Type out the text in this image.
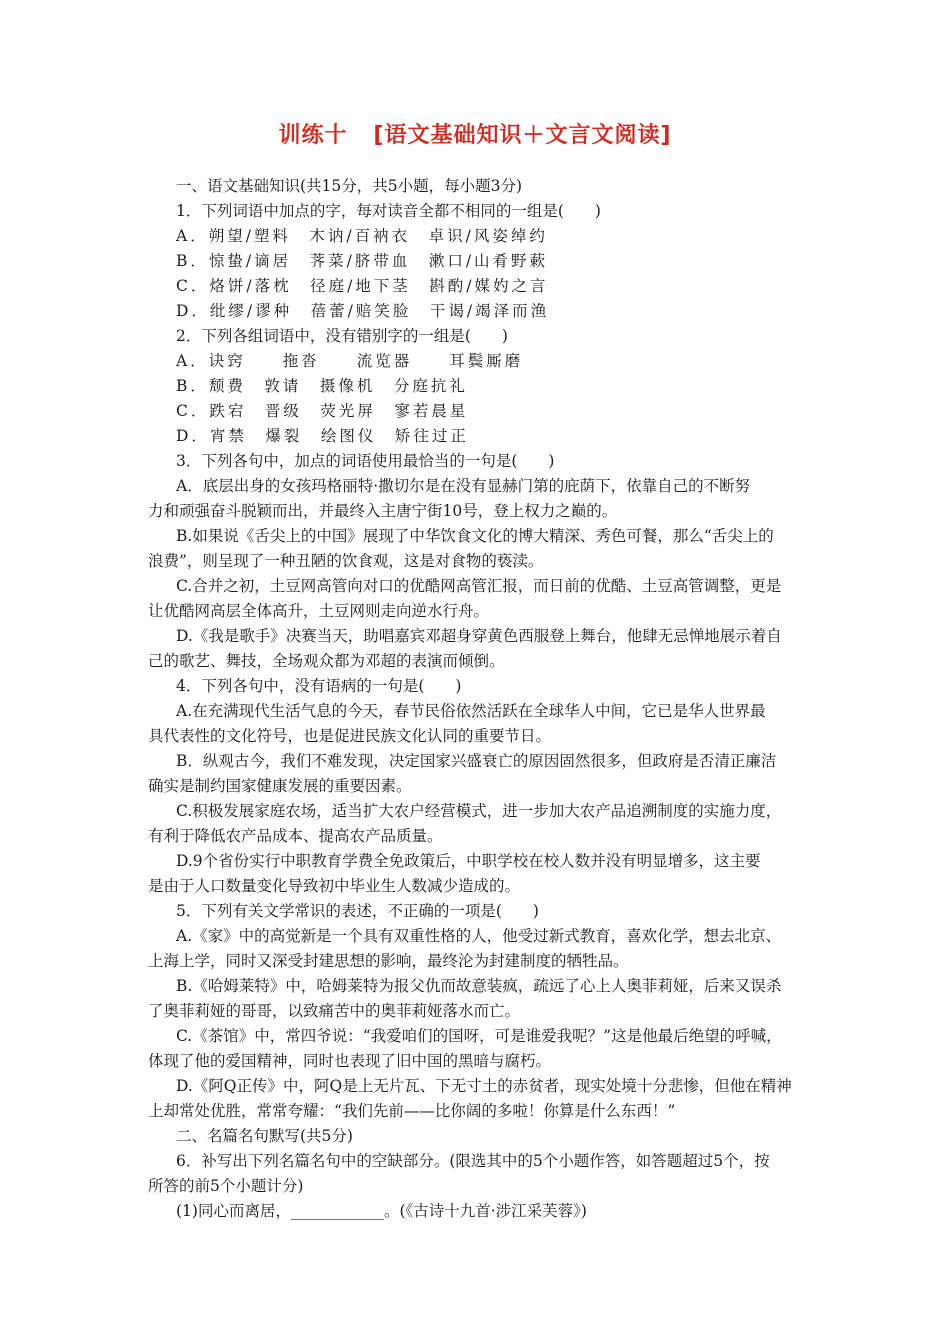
训练十   [语文基础知识＋文言文阅读]
一、语文基础知识(共15分，共5小题，每小题3分)
1．下列词语中加点的字，每对读音全都不相同的一组是(　　)
A．朔望/塑料　木讷/百衲衣　卓识/风姿绰约
B．惊蛰/谪居　荠菜/脐带血　漱口/山肴野蔌
C．烙饼/落枕　径庭/地下茎　斟酌/媒妁之言
D．纰缪/谬种　蓓蕾/赔笑脸　干谒/竭泽而渔
2．下列各组词语中，没有错别字的一组是(　　)
A．诀窍　　拖沓　　流览器　　耳鬓厮磨
B．颓费　敦请　摄像机　分庭抗礼
C．跌宕　晋级　荧光屏　寥若晨星
D．宵禁　爆裂　绘图仪　矫往过正
3．下列各句中，加点的词语使用最恰当的一句是(　　)
A．底层出身的女孩玛格丽特·撒切尔是在没有显赫门第的庇荫下，依靠自己的不断努
力和顽强奋斗脱颖而出，并最终入主唐宁街10号，登上权力之巅的。
B.如果说《舌尖上的中国》展现了中华饮食文化的博大精深、秀色可餐，那么“舌尖上的
浪费”，则呈现了一种丑陋的饮食观，这是对食物的亵渎。
C.合并之初，土豆网高管向对口的优酷网高管汇报，而日前的优酷、土豆高管调整，更是
让优酷网高层全体高升，土豆网则走向逆水行舟。
D.《我是歌手》决赛当天，助唱嘉宾邓超身穿黄色西服登上舞台，他肆无忌惮地展示着自
己的歌艺、舞技，全场观众都为邓超的表演而倾倒。
4．下列各句中，没有语病的一句是(　　)
A.在充满现代生活气息的今天，春节民俗依然活跃在全球华人中间，它已是华人世界最
具代表性的文化符号，也是促进民族文化认同的重要节日。
B．纵观古今，我们不难发现，决定国家兴盛衰亡的原因固然很多，但政府是否清正廉洁
确实是制约国家健康发展的重要因素。
C.积极发展家庭农场，适当扩大农户经营模式，进一步加大农产品追溯制度的实施力度，
有利于降低农产品成本、提高农产品质量。
D.9个省份实行中职教育学费全免政策后，中职学校在校人数并没有明显增多，这主要
是由于人口数量变化导致初中毕业生人数减少造成的。
5．下列有关文学常识的表述，不正确的一项是(　　)
A.《家》中的高觉新是一个具有双重性格的人，他受过新式教育，喜欢化学，想去北京、
上海上学，同时又深受封建思想的影响，最终沦为封建制度的牺牲品。
B.《哈姆莱特》中，哈姆莱特为报父仇而故意装疯，疏远了心上人奥菲莉娅，后来又误杀
了奥菲莉娅的哥哥，以致痛苦中的奥菲莉娅落水而亡。
C.《茶馆》中，常四爷说：“我爱咱们的国呀，可是谁爱我呢？”这是他最后绝望的呼喊，
体现了他的爱国精神，同时也表现了旧中国的黑暗与腐朽。
D.《阿Q正传》中，阿Q是上无片瓦、下无寸土的赤贫者，现实处境十分悲惨，但他在精神
上却常处优胜，常常夸耀：“我们先前——比你阔的多啦！你算是什么东西！”
二、名篇名句默写(共5分)
6．补写出下列名篇名句中的空缺部分。(限选其中的5个小题作答，如答题超过5个，按
所答的前5个小题计分)
(1)同心而离居，____________。(《古诗十九首·涉江采芙蓉》)
